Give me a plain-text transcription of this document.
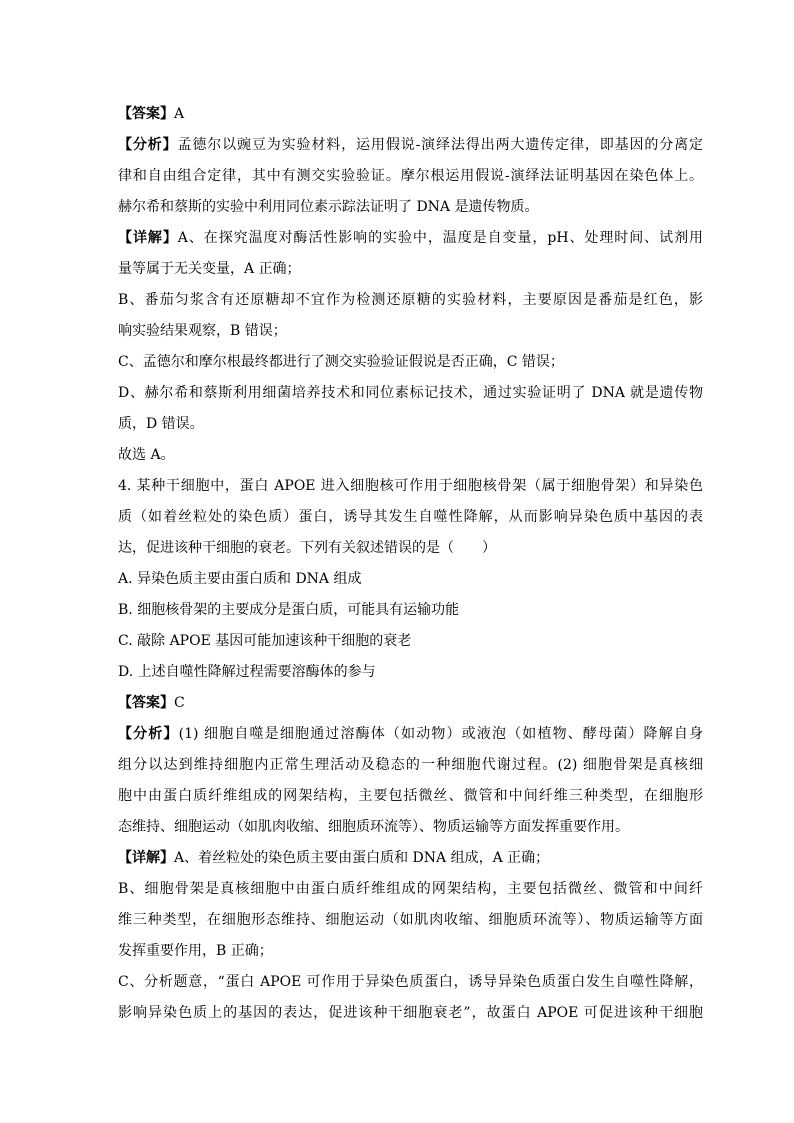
【答案】A
【分析】孟德尔以豌豆为实验材料，运用假说-演绎法得出两大遗传定律，即基因的分离定
律和自由组合定律，其中有测交实验验证。摩尔根运用假说-演绎法证明基因在染色体上。
赫尔希和蔡斯的实验中利用同位素示踪法证明了 DNA 是遗传物质。
【详解】A、在探究温度对酶活性影响的实验中，温度是自变量，pH、处理时间、试剂用
量等属于无关变量，A 正确；
B、番茄匀浆含有还原糖却不宜作为检测还原糖的实验材料，主要原因是番茄是红色，影
响实验结果观察，B 错误；
C、孟德尔和摩尔根最终都进行了测交实验验证假说是否正确，C 错误；
D、赫尔希和蔡斯利用细菌培养技术和同位素标记技术，通过实验证明了 DNA 就是遗传物
质，D 错误。
故选 A。
4. 某种干细胞中，蛋白 APOE 进入细胞核可作用于细胞核骨架（属于细胞骨架）和异染色
质（如着丝粒处的染色质）蛋白，诱导其发生自噬性降解，从而影响异染色质中基因的表
达，促进该种干细胞的衰老。下列有关叙述错误的是（　　）
A. 异染色质主要由蛋白质和 DNA 组成
B. 细胞核骨架的主要成分是蛋白质，可能具有运输功能
C. 敲除 APOE 基因可能加速该种干细胞的衰老
D. 上述自噬性降解过程需要溶酶体的参与
【答案】C
【分析】(1) 细胞自噬是细胞通过溶酶体（如动物）或液泡（如植物、酵母菌）降解自身
组分以达到维持细胞内正常生理活动及稳态的一种细胞代谢过程。(2) 细胞骨架是真核细
胞中由蛋白质纤维组成的网架结构，主要包括微丝、微管和中间纤维三种类型，在细胞形
态维持、细胞运动（如肌肉收缩、细胞质环流等）、物质运输等方面发挥重要作用。
【详解】A、着丝粒处的染色质主要由蛋白质和 DNA 组成，A 正确；
B、细胞骨架是真核细胞中由蛋白质纤维组成的网架结构，主要包括微丝、微管和中间纤
维三种类型，在细胞形态维持、细胞运动（如肌肉收缩、细胞质环流等）、物质运输等方面
发挥重要作用，B 正确；
C、分析题意，“蛋白 APOE 可作用于异染色质蛋白，诱导异染色质蛋白发生自噬性降解，
影响异染色质上的基因的表达，促进该种干细胞衰老”，故蛋白 APOE 可促进该种干细胞
